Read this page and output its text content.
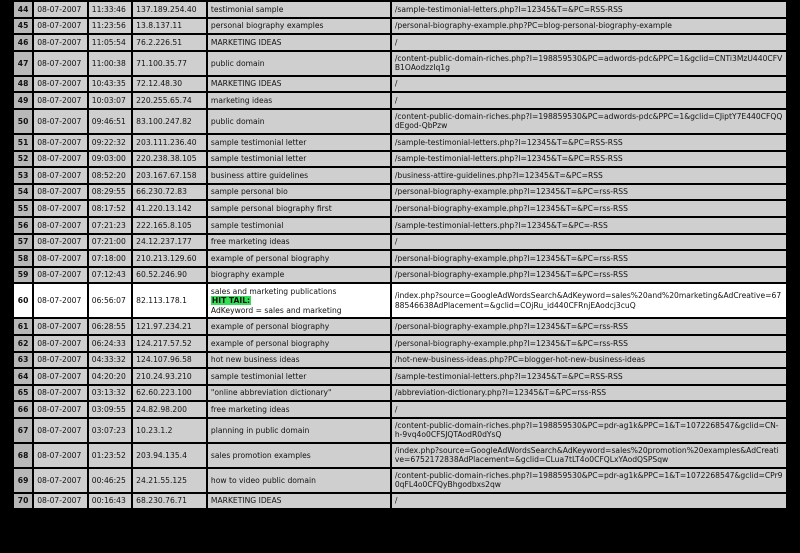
44	08-07-2007	11:33:46	137.189.254.40	testimonial sample	/sample-testimonial-letters.php?I=12345&T=&PC=RSS-RSS
45	08-07-2007	11:23:56	13.8.137.11	personal biography examples	/personal-biography-example.php?PC=blog-personal-biography-example
46	08-07-2007	11:05:54	76.2.226.51	MARKETING IDEAS	/
47	08-07-2007	11:00:38	71.100.35.77	public domain	/content-public-domain-riches.php?I=198859530&PC=adwords-pdc&PPC=1&gclid=CNTi3MzU440CFVB1OAodzzIq1g
48	08-07-2007	10:43:35	72.12.48.30	MARKETING IDEAS	/
49	08-07-2007	10:03:07	220.255.65.74	marketing ideas	/
50	08-07-2007	09:46:51	83.100.247.82	public domain	/content-public-domain-riches.php?I=198859530&PC=adwords-pdc&PPC=1&gclid=CJiptY7E440CFQQdEgod-QbPzw
51	08-07-2007	09:22:32	203.111.236.40	sample testimonial letter	/sample-testimonial-letters.php?I=12345&T=&PC=RSS-RSS
52	08-07-2007	09:03:00	220.238.38.105	sample testimonial letter	/sample-testimonial-letters.php?I=12345&T=&PC=RSS-RSS
53	08-07-2007	08:52:20	203.167.67.158	business attire guidelines	/business-attire-guidelines.php?I=12345&T=&PC=RSS
54	08-07-2007	08:29:55	66.230.72.83	sample personal bio	/personal-biography-example.php?I=12345&T=&PC=rss-RSS
55	08-07-2007	08:17:52	41.220.13.142	sample personal biography first	/personal-biography-example.php?I=12345&T=&PC=rss-RSS
56	08-07-2007	07:21:23	222.165.8.105	sample testimonial	/sample-testimonial-letters.php?I=12345&T=&PC=-RSS
57	08-07-2007	07:21:00	24.12.237.177	free marketing ideas	/
58	08-07-2007	07:18:00	210.213.129.60	example of personal biography	/personal-biography-example.php?I=12345&T=&PC=rss-RSS
59	08-07-2007	07:12:43	60.52.246.90	biography example	/personal-biography-example.php?I=12345&T=&PC=rss-RSS
60	08-07-2007	06:56:07	82.113.178.1	sales and marketing publications
HIT TAIL:
AdKeyword = sales and marketing	/index.php?source=GoogleAdWordsSearch&AdKeyword=sales%20and%20marketing&AdCreative=6788546638AdPlacement=&gclid=COjRu_id440CFRnjEAodcj3cuQ
61	08-07-2007	06:28:55	121.97.234.21	example of personal biography	/personal-biography-example.php?I=12345&T=&PC=rss-RSS
62	08-07-2007	06:24:33	124.217.57.52	example of personal biography	/personal-biography-example.php?I=12345&T=&PC=rss-RSS
63	08-07-2007	04:33:32	124.107.96.58	hot new business ideas	/hot-new-business-ideas.php?PC=blogger-hot-new-business-ideas
64	08-07-2007	04:20:20	210.24.93.210	sample testimonial letter	/sample-testimonial-letters.php?I=12345&T=&PC=RSS-RSS
65	08-07-2007	03:13:32	62.60.223.100	"online abbreviation dictionary"	/abbreviation-dictionary.php?I=12345&T=&PC=rss-RSS
66	08-07-2007	03:09:55	24.82.98.200	free marketing ideas	/
67	08-07-2007	03:07:23	10.23.1.2	planning in public domain	/content-public-domain-riches.php?I=198859530&PC=pdr-ag1k&PPC=1&T=1072268547&gclid=CN-h-9vq4o0CFSJQTAodR0dYsQ
68	08-07-2007	01:23:52	203.94.135.4	sales promotion examples	/index.php?source=GoogleAdWordsSearch&AdKeyword=sales%20promotion%20examples&AdCreative=6752172838AdPlacement=&gclid=CLua7tLT4o0CFQLxYAodQSPSqw
69	08-07-2007	00:46:25	24.21.55.125	how to video public domain	/content-public-domain-riches.php?I=198859530&PC=pdr-ag1k&PPC=1&T=1072268547&gclid=CPr90qFL4o0CFQyBhgodbxs2qw
70	08-07-2007	00:16:43	68.230.76.71	MARKETING IDEAS	/
